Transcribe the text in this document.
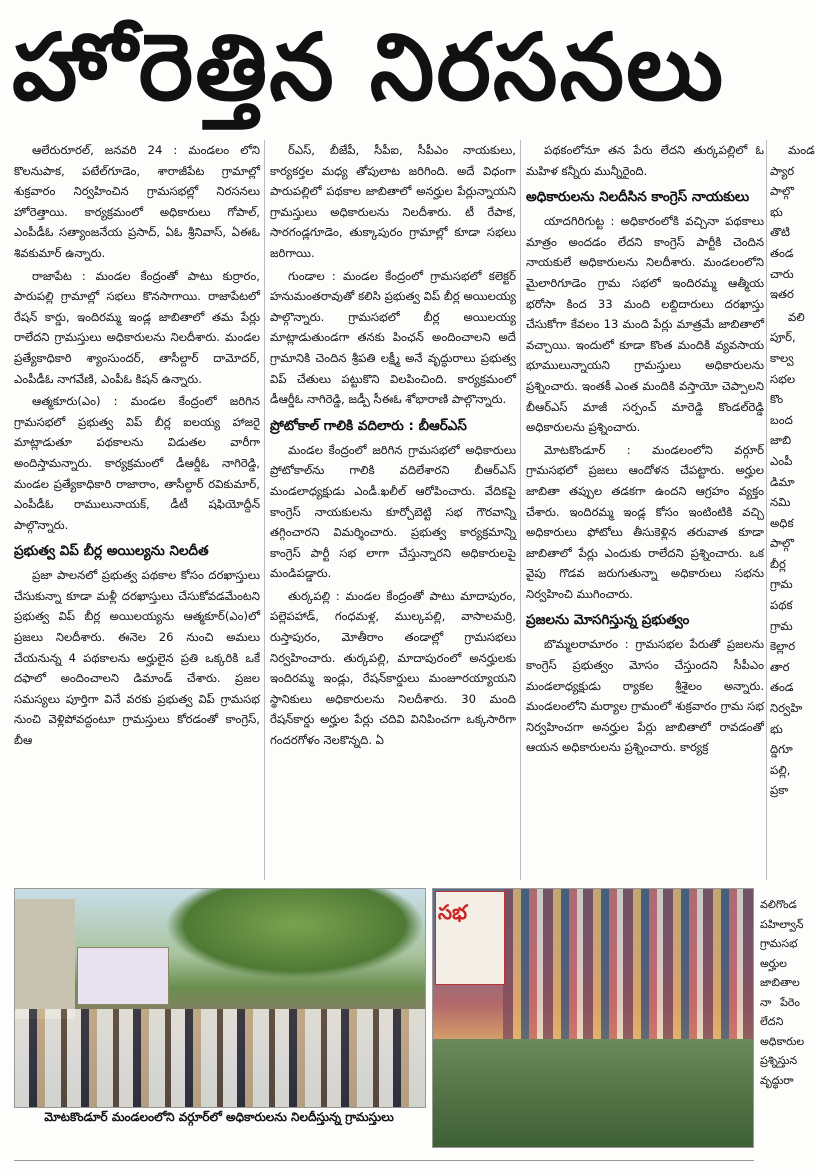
హోరెత్తిన నిరసనలు

ఆలేరురూరల్, జనవరి 24 : మండలం లోని కొలనుపాక, పటేల్‌గూడెం, శారాజీపేట గ్రామాల్లో శుక్రవారం నిర్వహించిన గ్రామసభల్లో నిరసనలు హోరెత్తాయి. కార్యక్రమంలో అధికారులు గోపాల్, ఎంపీడీఓ సత్యాంజనేయ ప్రసాద్, ఏఓ శ్రీనివాస్, ఏఈఓ శివకుమార్ ఉన్నారు.

రాజాపేట : మండల కేంద్రంతో పాటు కుర్రారం, పారుపల్లి గ్రామాల్లో సభలు కొనసాగాయి. రాజాపేటలో రేషన్ కార్డు, ఇందిరమ్మ ఇండ్ల జాబితాలో తమ పేర్లు రాలేదని గ్రామస్తులు అధికారులను నిలదీశారు. మండల ప్రత్యేకాధికారి శ్యాంసుందర్, తాసీల్దార్ దామోదర్, ఎంపీడీఓ నాగవేణి, ఎంపీఓ కిషన్ ఉన్నారు.

ఆత్మకూరు(ఎం) : మండల కేంద్రంలో జరిగిన గ్రామసభలో ప్రభుత్వ విప్ బీర్ల ఐలయ్య హాజరై మాట్లాడుతూ పథకాలను విడుతల వారీగా అందిస్తామన్నారు. కార్యక్రమంలో డీఆర్డీఓ నాగిరెడ్డి, మండల ప్రత్యేకాధికారి రాజారాం, తాసీల్దార్ రవికుమార్, ఎంపీడీఓ రాములునాయక్, డీటీ షఫియోద్దీన్ పాల్గొన్నారు.

ప్రభుత్వ విప్ బీర్ల అయిల్యను నిలదీత

ప్రజా పాలనలో ప్రభుత్వ పథకాల కోసం దరఖాస్తులు చేసుకున్నా కూడా మళ్లీ దరఖాస్తులు చేసుకోవడమేంటని ప్రభుత్వ విప్ బీర్ల అయిలయ్యను ఆత్మకూర్(ఎం)లో ప్రజలు నిలదీశారు. ఈనెల 26 నుంచి అమలు చేయనున్న 4 పథకాలను అర్హులైన ప్రతి ఒక్కరికి ఒకే దఫాలో అందించాలని డిమాండ్ చేశారు. ప్రజల సమస్యలు పూర్తిగా వినే వరకు ప్రభుత్వ విప్ గ్రామసభ నుంచి వెళ్లిపోవద్దంటూ గ్రామస్తులు కోరడంతో కాంగ్రెస్, బీఆ

ర్‌ఎస్, బీజేపీ, సీపీఐ, సీపీఎం నాయకులు, కార్యకర్తల మధ్య తోపులాట జరిగింది. అదే విధంగా పారుపల్లిలో పథకాల జాబితాలో అనర్హుల పేర్లున్నాయని గ్రామస్తులు అధికారులను నిలదీశారు. టీ రేపాక, సారగండ్లగూడెం, తుక్కాపురం గ్రామాల్లో కూడా సభలు జరిగాయి.

గుండాల : మండల కేంద్రంలో గ్రామసభలో కలెక్టర్ హనుమంతరావుతో కలిసి ప్రభుత్వ విప్ బీర్ల అయిలయ్య పాల్గొన్నారు. గ్రామసభలో బీర్ల అయిలయ్య మాట్లాడుతుండగా తనకు పింఛన్ అందించాలని అదే గ్రామానికి చెందిన శ్రీపతి లక్ష్మీ అనే వృద్ధురాలు ప్రభుత్వ విప్ చేతులు పట్టుకొని విలపించింది. కార్యక్రమంలో డీఆర్డీఓ నాగిరెడ్డి, జడ్పీ సీఈఓ శోభారాణి పాల్గొన్నారు.

ప్రోటోకాల్ గాలికి వదిలారు : బీఆర్ఎస్

మండల కేంద్రంలో జరిగిన గ్రామసభలో అధికారులు ప్రోటోకాల్‌ను గాలికి వదిలేశారని బీఆర్ఎస్ మండలాధ్యక్షుడు ఎండీ.ఖలీల్ ఆరోపించారు. వేదికపై కాంగ్రెస్ నాయకులను కూర్చోబెట్టి సభ గౌరవాన్ని తగ్గించారని విమర్శించారు. ప్రభుత్వ కార్యక్రమాన్ని కాంగ్రెస్ పార్టీ సభ లాగా చేస్తున్నారని అధికారులపై మండిపడ్డారు.

తుర్కపల్లి : మండల కేంద్రంతో పాటు మాదాపురం, పల్లెపహాడ్, గంధమళ్ల, ముల్కపల్లి, వాసాలమర్రి, రుస్తాపురం, మోతీరాం తండాల్లో గ్రామసభలు నిర్వహించారు. తుర్కపల్లి, మాదాపురంలో అనర్హులకు ఇందిరమ్మ ఇండ్లు, రేషన్‌కార్డులు మంజూరయ్యాయని స్థానికులు అధికారులను నిలదీశారు. 30 మంది రేషన్‌కార్డు అర్హుల పేర్లు చదివి వినిపించగా ఒక్కసారిగా గందరగోళం నెలకొన్నది. ఏ

పథకంలోనూ తన పేరు లేదని తుర్కపల్లిలో ఓ మహిళ కన్నీరు మున్నీరైంది.

అధికారులను నిలదీసిన కాంగ్రెస్ నాయకులు

యాదగిరిగుట్ట : అధికారంలోకి వచ్చినా పథకాలు మాత్రం అందడం లేదని కాంగ్రెస్ పార్టీకి చెందిన నాయకులే అధికారులను నిలదీశారు. మండలంలోని మైలారిగూడెం గ్రామ సభలో ఇందిరమ్మ ఆత్మీయ భరోసా కింద 33 మంది లబ్దిదారులు దరఖాస్తు చేసుకోగా కేవలం 13 మంది పేర్లు మాత్రమే జాబితాలో వచ్చాయి. ఇందులో కూడా కొంత మందికి వ్యవసాయ భూములున్నాయని గ్రామస్తులు అధికారులను ప్రశ్నించారు. ఇంతకీ ఎంత మందికి వస్తాయో చెప్పాలని బీఆర్ఎస్ మాజీ సర్పంచ్ మారెడ్డి కొండల్‌రెడ్డి అధికారులను ప్రశ్నించారు.

మోటకొండూర్ : మండలంలోని వర్గూర్ గ్రామసభలో ప్రజలు ఆందోళన చేపట్టారు. అర్హుల జాబితా తప్పుల తడకగా ఉందని ఆగ్రహం వ్యక్తం చేశారు. ఇందిరమ్మ ఇండ్ల కోసం ఇంటింటికి వచ్చి అధికారులు ఫోటోలు తీసుకెళ్లిన తరువాత కూడా జాబితాలో పేర్లు ఎందుకు రాలేదని ప్రశ్నించారు. ఒక వైపు గొడవ జరుగుతున్నా అధికారులు సభను నిర్వహించి ముగించారు.

ప్రజలను మోసగిస్తున్న ప్రభుత్వం

బొమ్మలరామారం : గ్రామసభల పేరుతో ప్రజలను కాంగ్రెస్ ప్రభుత్వం మోసం చేస్తుందని సీపీఎం మండలాధ్యక్షుడు ర్యాకల శ్రీశైలం అన్నారు. మండలంలోని మర్యాల గ్రామంలో శుక్రవారం గ్రామ సభ నిర్వహించగా అనర్హుల పేర్లు జాబితాలో రావడంతో ఆయన అధికారులను ప్రశ్నించారు. కార్యక్ర

మండ ప్యార పాల్గొ భు తొటి తండ చారు ఇతర

వలి పూర్, కాల్వ సభల కొం బంద జాబి ఎంపీ డిమా నమి అధిక పాల్గొ బీర్ల గ్రామ పథక గ్రామ కెల్లార తార తండ నిర్వహి భు ద్డిగూ పల్లి, ప్రకా

మోటకొండూర్ మండలంలోని వర్గూర్‌లో అధికారులను నిలదీస్తున్న గ్రామస్తులు
సభ	వలిగొండ పహిల్వాన్ గ్రామసభ అర్హుల జాబితాల నా పేరెం లేదని అధికారుల ప్రశ్నిస్తున వృద్ధురా
